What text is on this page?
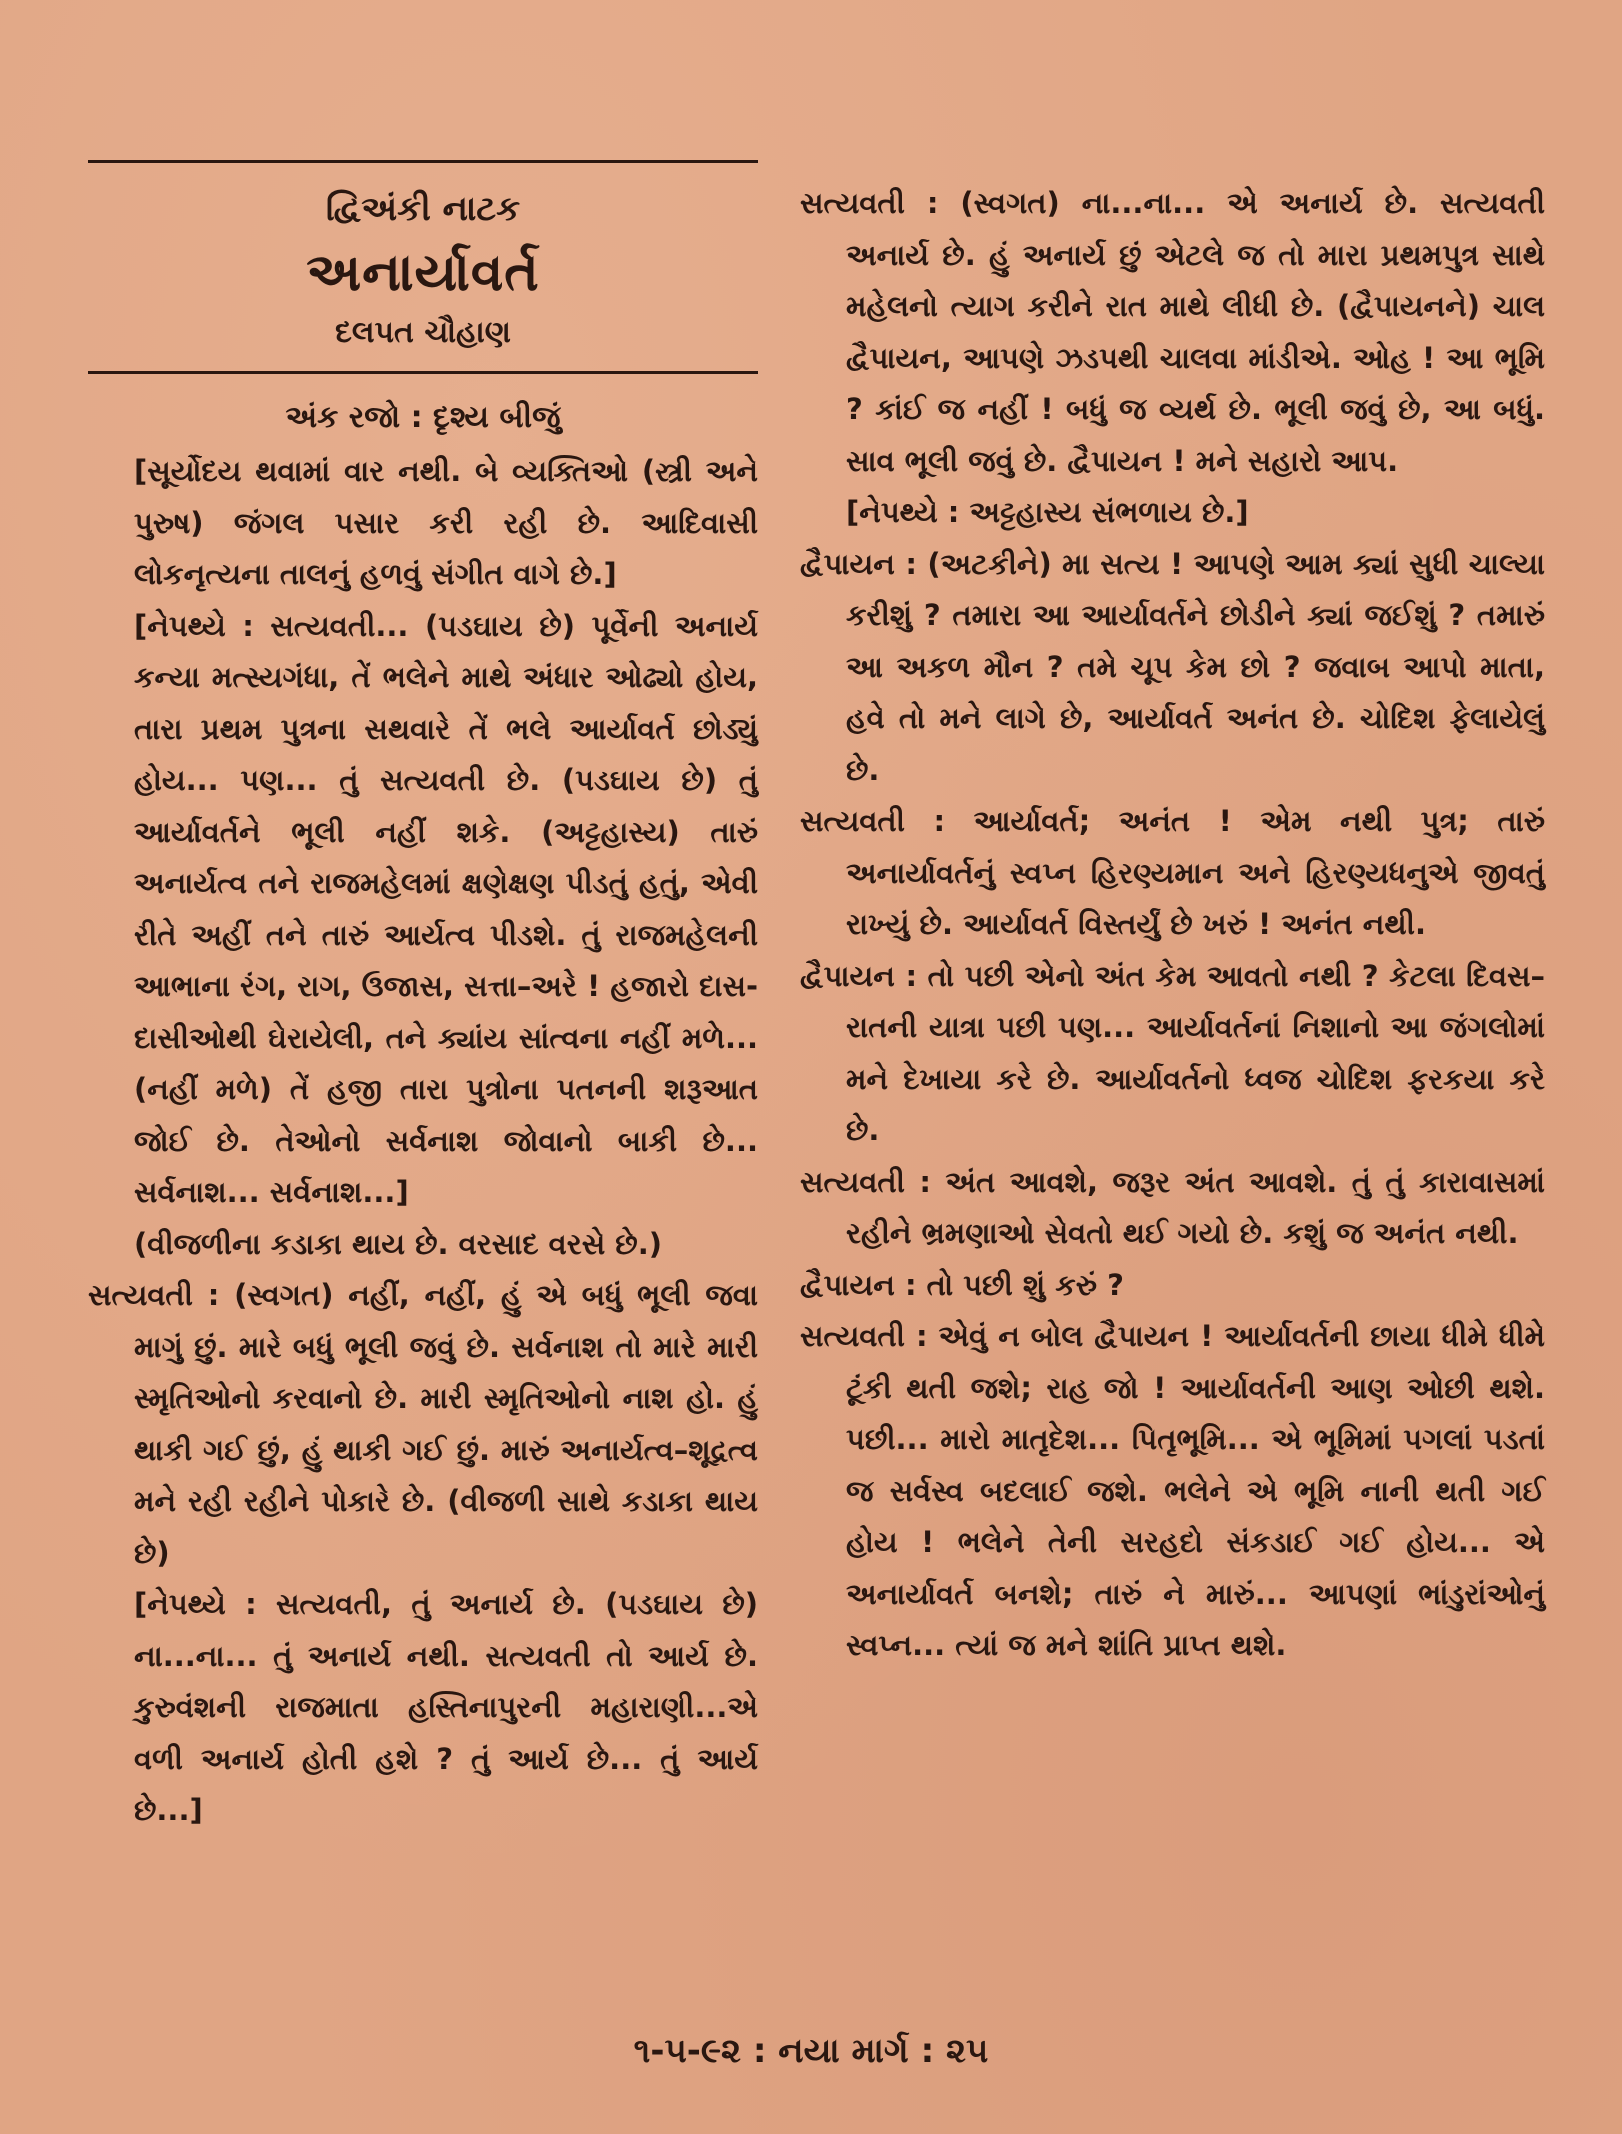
દ્વિઅંકી નાટક
અનાર્યાવર્ત
દલપત ચૌહાણ
અંક રજો : દૃશ્ય બીજું

[સૂર્યોદય થવામાં વાર નથી. બે વ્યક્તિઓ (સ્ત્રી અને પુરુષ) જંગલ પસાર કરી રહી છે. આદિવાસી લોકનૃત્યના તાલનું હળવું સંગીત વાગે છે.]

[નેપથ્યે : સત્યવતી... (પડઘાય છે) પૂર્વેની અનાર્ય કન્યા મત્સ્યગંધા, તેં ભલેને માથે અંધાર ઓઢ્યો હોય, તારા પ્રથમ પુત્રના સથવારે તેં ભલે આર્યાવર્ત છોડ્યું હોય... પણ... તું સત્યવતી છે. (પડઘાય છે) તું આર્યાવર્તને ભૂલી નહીં શકે. (અટ્ટહાસ્ય) તારું અનાર્યત્વ તને રાજમહેલમાં ક્ષણેક્ષણ પીડતું હતું, એવી રીતે અહીં તને તારું આર્યત્વ પીડશે. તું રાજમહેલની આભાના રંગ, રાગ, ઉજાસ, સત્તા–અરે ! હજારો દાસ-દાસીઓથી ઘેરાયેલી, તને ક્યાંય સાંત્વના નહીં મળે... (નહીં મળે) તેં હજી તારા પુત્રોના પતનની શરૂઆત જોઈ છે. તેઓનો સર્વનાશ જોવાનો બાકી છે... સર્વનાશ... સર્વનાશ...]

(વીજળીના કડાકા થાય છે. વરસાદ વરસે છે.)

સત્યવતી : (સ્વગત) નહીં, નહીં, હું એ બધું ભૂલી જવા માગું છું. મારે બધું ભૂલી જવું છે. સર્વનાશ તો મારે મારી સ્મૃતિઓનો કરવાનો છે. મારી સ્મૃતિઓનો નાશ હો. હું થાકી ગઈ છું, હું થાકી ગઈ છું. મારું અનાર્યત્વ–શૂદ્રત્વ મને રહી રહીને પોકારે છે. (વીજળી સાથે કડાકા થાય છે)

[નેપથ્યે : સત્યવતી, તું અનાર્ય છે. (પડઘાય છે) ના...ના... તું અનાર્ય નથી. સત્યવતી તો આર્ય છે. કુરુવંશની રાજમાતા હસ્તિનાપુરની મહારાણી...એ વળી અનાર્ય હોતી હશે ? તું આર્ય છે... તું આર્ય છે...]

સત્યવતી : (સ્વગત) ના...ના... એ અનાર્ય છે. સત્યવતી અનાર્ય છે. હું અનાર્ય છું એટલે જ તો મારા પ્રથમપુત્ર સાથે મહેલનો ત્યાગ કરીને રાત માથે લીધી છે. (દ્વૈપાયનને) ચાલ દ્વૈપાયન, આપણે ઝડપથી ચાલવા માંડીએ. ઓહ ! આ ભૂમિ ? કાંઈ જ નહીં ! બધું જ વ્યર્થ છે. ભૂલી જવું છે, આ બધું. સાવ ભૂલી જવું છે. દ્વૈપાયન ! મને સહારો આપ.

[નેપથ્યે : અટ્ટહાસ્ય સંભળાય છે.]

દ્વૈપાયન : (અટકીને) મા સત્ય ! આપણે આમ ક્યાં સુધી ચાલ્યા કરીશું ? તમારા આ આર્યાવર્તને છોડીને ક્યાં જઈશું ? તમારું આ અકળ મૌન ? તમે ચૂપ કેમ છો ? જવાબ આપો માતા, હવે તો મને લાગે છે, આર્યાવર્ત અનંત છે. ચોદિશ ફેલાયેલું છે.

સત્યવતી : આર્યાવર્ત; અનંત ! એમ નથી પુત્ર; તારું અનાર્યાવર્તનું સ્વપ્ન હિરણ્યમાન અને હિરણ્યધનુએ જીવતું રાખ્યું છે. આર્યાવર્ત વિસ્તર્યું છે ખરું ! અનંત નથી.

દ્વૈપાયન : તો પછી એનો અંત કેમ આવતો નથી ? કેટલા દિવસ–રાતની યાત્રા પછી પણ... આર્યાવર્તનાં નિશાનો આ જંગલોમાં મને દેખાયા કરે છે. આર્યાવર્તનો ધ્વજ ચોદિશ ફરકયા કરે છે.

સત્યવતી : અંત આવશે, જરૂર અંત આવશે. તું તું કારાવાસમાં રહીને ભ્રમણાઓ સેવતો થઈ ગયો છે. કશું જ અનંત નથી.

દ્વૈપાયન : તો પછી શું કરું ?

સત્યવતી : એવું ન બોલ દ્વૈપાયન ! આર્યાવર્તની છાયા ધીમે ધીમે ટૂંકી થતી જશે; રાહ જો ! આર્યાવર્તની આણ ઓછી થશે. પછી... મારો માતૃદેશ... પિતૃભૂમિ... એ ભૂમિમાં પગલાં પડતાં જ સર્વસ્વ બદલાઈ જશે. ભલેને એ ભૂમિ નાની થતી ગઈ હોય ! ભલેને તેની સરહદો સંકડાઈ ગઈ હોય... એ અનાર્યાવર્ત બનશે; તારું ને મારું... આપણાં ભાંડુરાંઓનું સ્વપ્ન... ત્યાં જ મને શાંતિ પ્રાપ્ત થશે.

૧-૫-૯૨ : નયા માર્ગ : ૨૫
